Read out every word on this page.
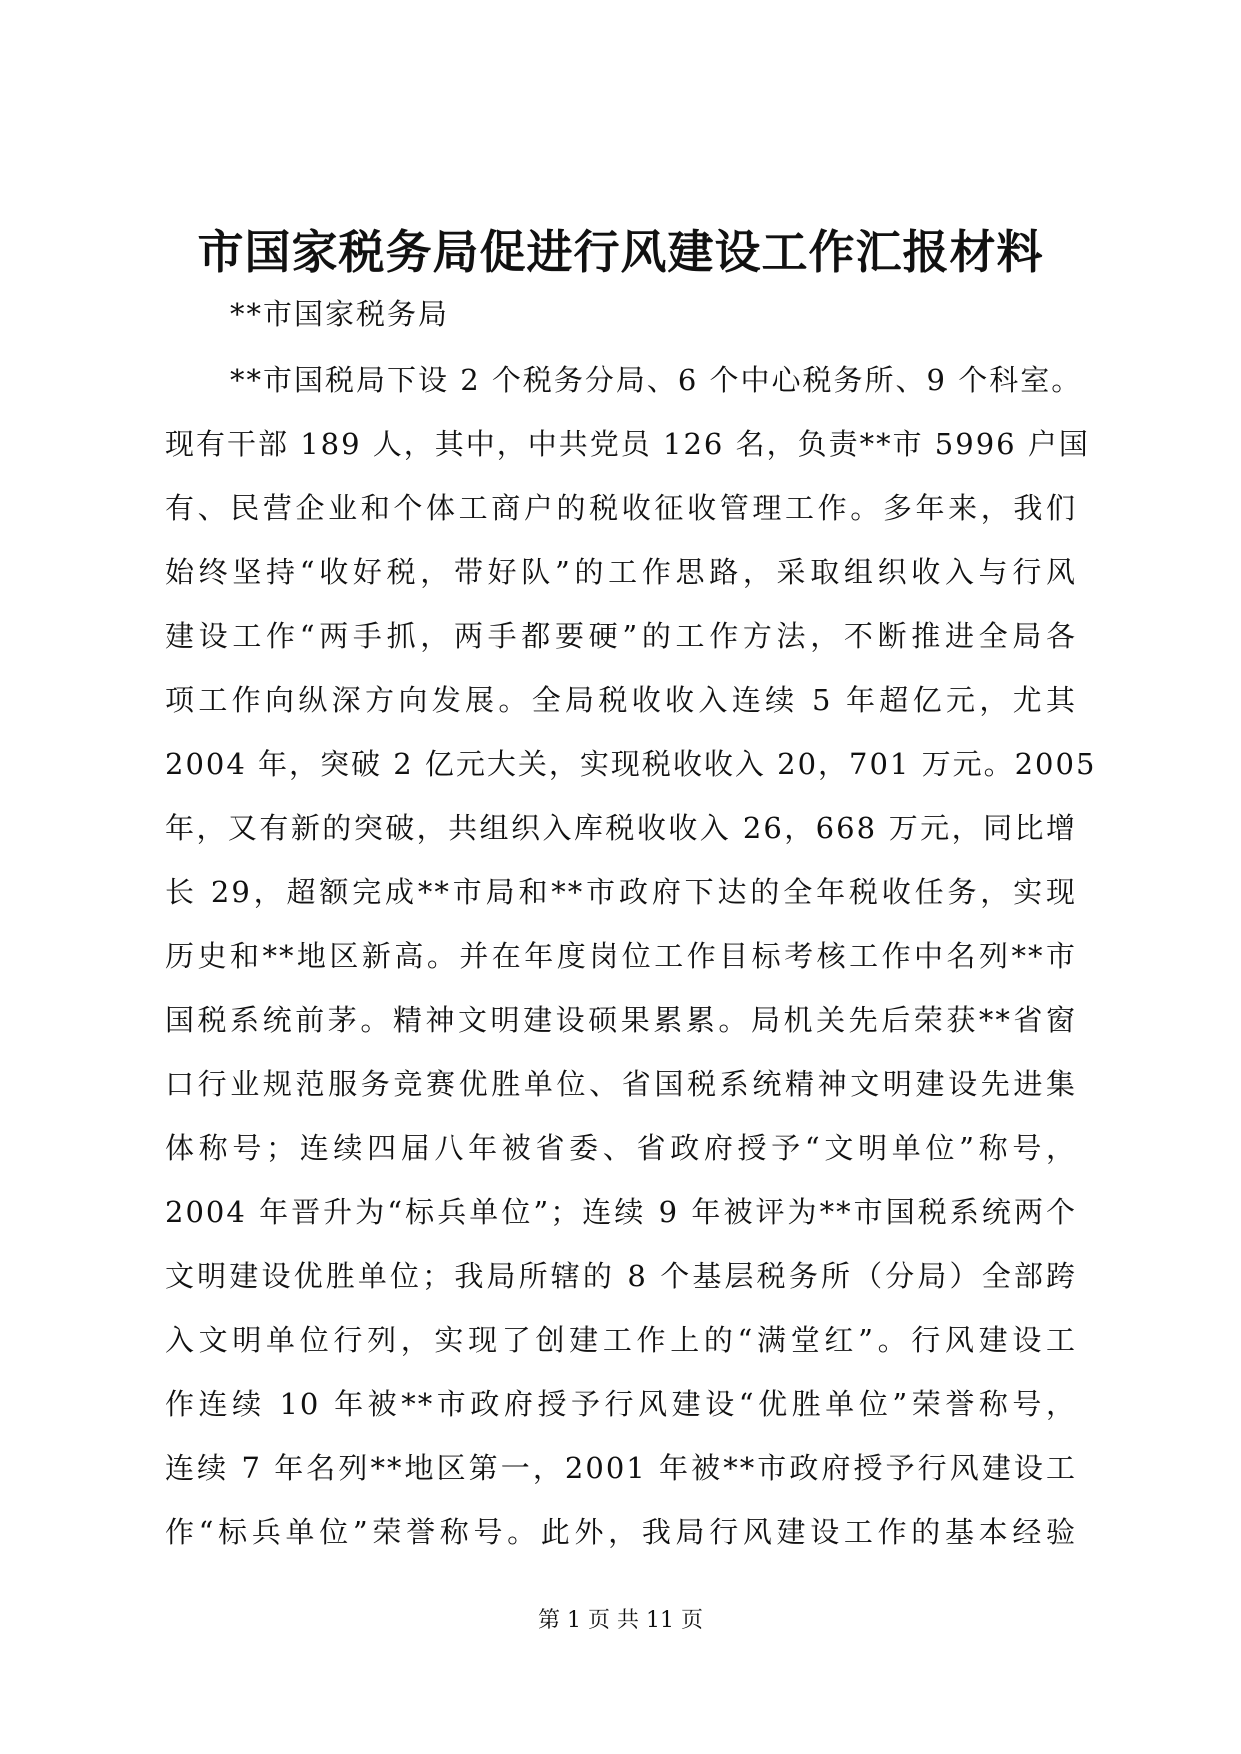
市国家税务局促进行风建设工作汇报材料

**市国家税务局

**市国税局下设 2 个税务分局、6 个中心税务所、9 个科室。
现有干部 189 人，其中，中共党员 126 名，负责**市 5996 户国
有、民营企业和个体工商户的税收征收管理工作。多年来，我们
始终坚持“收好税，带好队”的工作思路，采取组织收入与行风
建设工作“两手抓，两手都要硬”的工作方法，不断推进全局各
项工作向纵深方向发展。全局税收收入连续 5 年超亿元，尤其
2004 年，突破 2 亿元大关，实现税收收入 20，701 万元。2005
年，又有新的突破，共组织入库税收收入 26，668 万元，同比增
长 29，超额完成**市局和**市政府下达的全年税收任务，实现
历史和**地区新高。并在年度岗位工作目标考核工作中名列**市
国税系统前茅。精神文明建设硕果累累。局机关先后荣获**省窗
口行业规范服务竞赛优胜单位、省国税系统精神文明建设先进集
体称号；连续四届八年被省委、省政府授予“文明单位”称号，
2004 年晋升为“标兵单位”；连续 9 年被评为**市国税系统两个
文明建设优胜单位；我局所辖的 8 个基层税务所（分局）全部跨
入文明单位行列，实现了创建工作上的“满堂红”。行风建设工
作连续 10 年被**市政府授予行风建设“优胜单位”荣誉称号，
连续 7 年名列**地区第一，2001 年被**市政府授予行风建设工
作“标兵单位”荣誉称号。此外，我局行风建设工作的基本经验

第 1 页 共 11 页
